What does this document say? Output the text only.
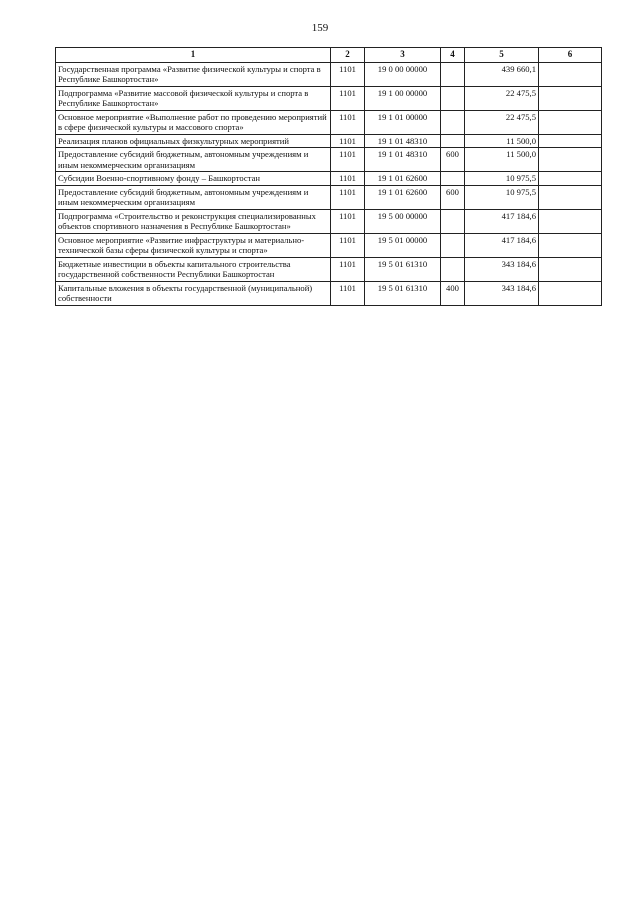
159
1	2	3	4	5	6
Государственная программа «Развитие физической культуры и спорта в Республике Башкортостан»	1101	19 0 00 00000		439 660,1	
Подпрограмма «Развитие массовой физической культуры и спорта в Республике Башкортостан»	1101	19 1 00 00000		22 475,5	
Основное мероприятие «Выполнение работ по проведению мероприятий в сфере физической культуры и массового спорта»	1101	19 1 01 00000		22 475,5	
Реализация планов официальных физкультурных мероприятий	1101	19 1 01 48310		11 500,0	
Предоставление субсидий бюджетным, автономным учреждениям и иным некоммерческим организациям	1101	19 1 01 48310	600	11 500,0	
Субсидии Военно-спортивному фонду – Башкортостан	1101	19 1 01 62600		10 975,5	
Предоставление субсидий бюджетным, автономным учреждениям и иным некоммерческим организациям	1101	19 1 01 62600	600	10 975,5	
Подпрограмма «Строительство и реконструкция специализированных объектов спортивного назначения в Республике Башкортостан»	1101	19 5 00 00000		417 184,6	
Основное мероприятие «Развитие инфраструктуры и материально-технической базы сферы физической культуры и спорта»	1101	19 5 01 00000		417 184,6	
Бюджетные инвестиции в объекты капитального строительства государственной собственности Республики Башкортостан	1101	19 5 01 61310		343 184,6	
Капитальные вложения в объекты государственной (муниципальной) собственности	1101	19 5 01 61310	400	343 184,6	
